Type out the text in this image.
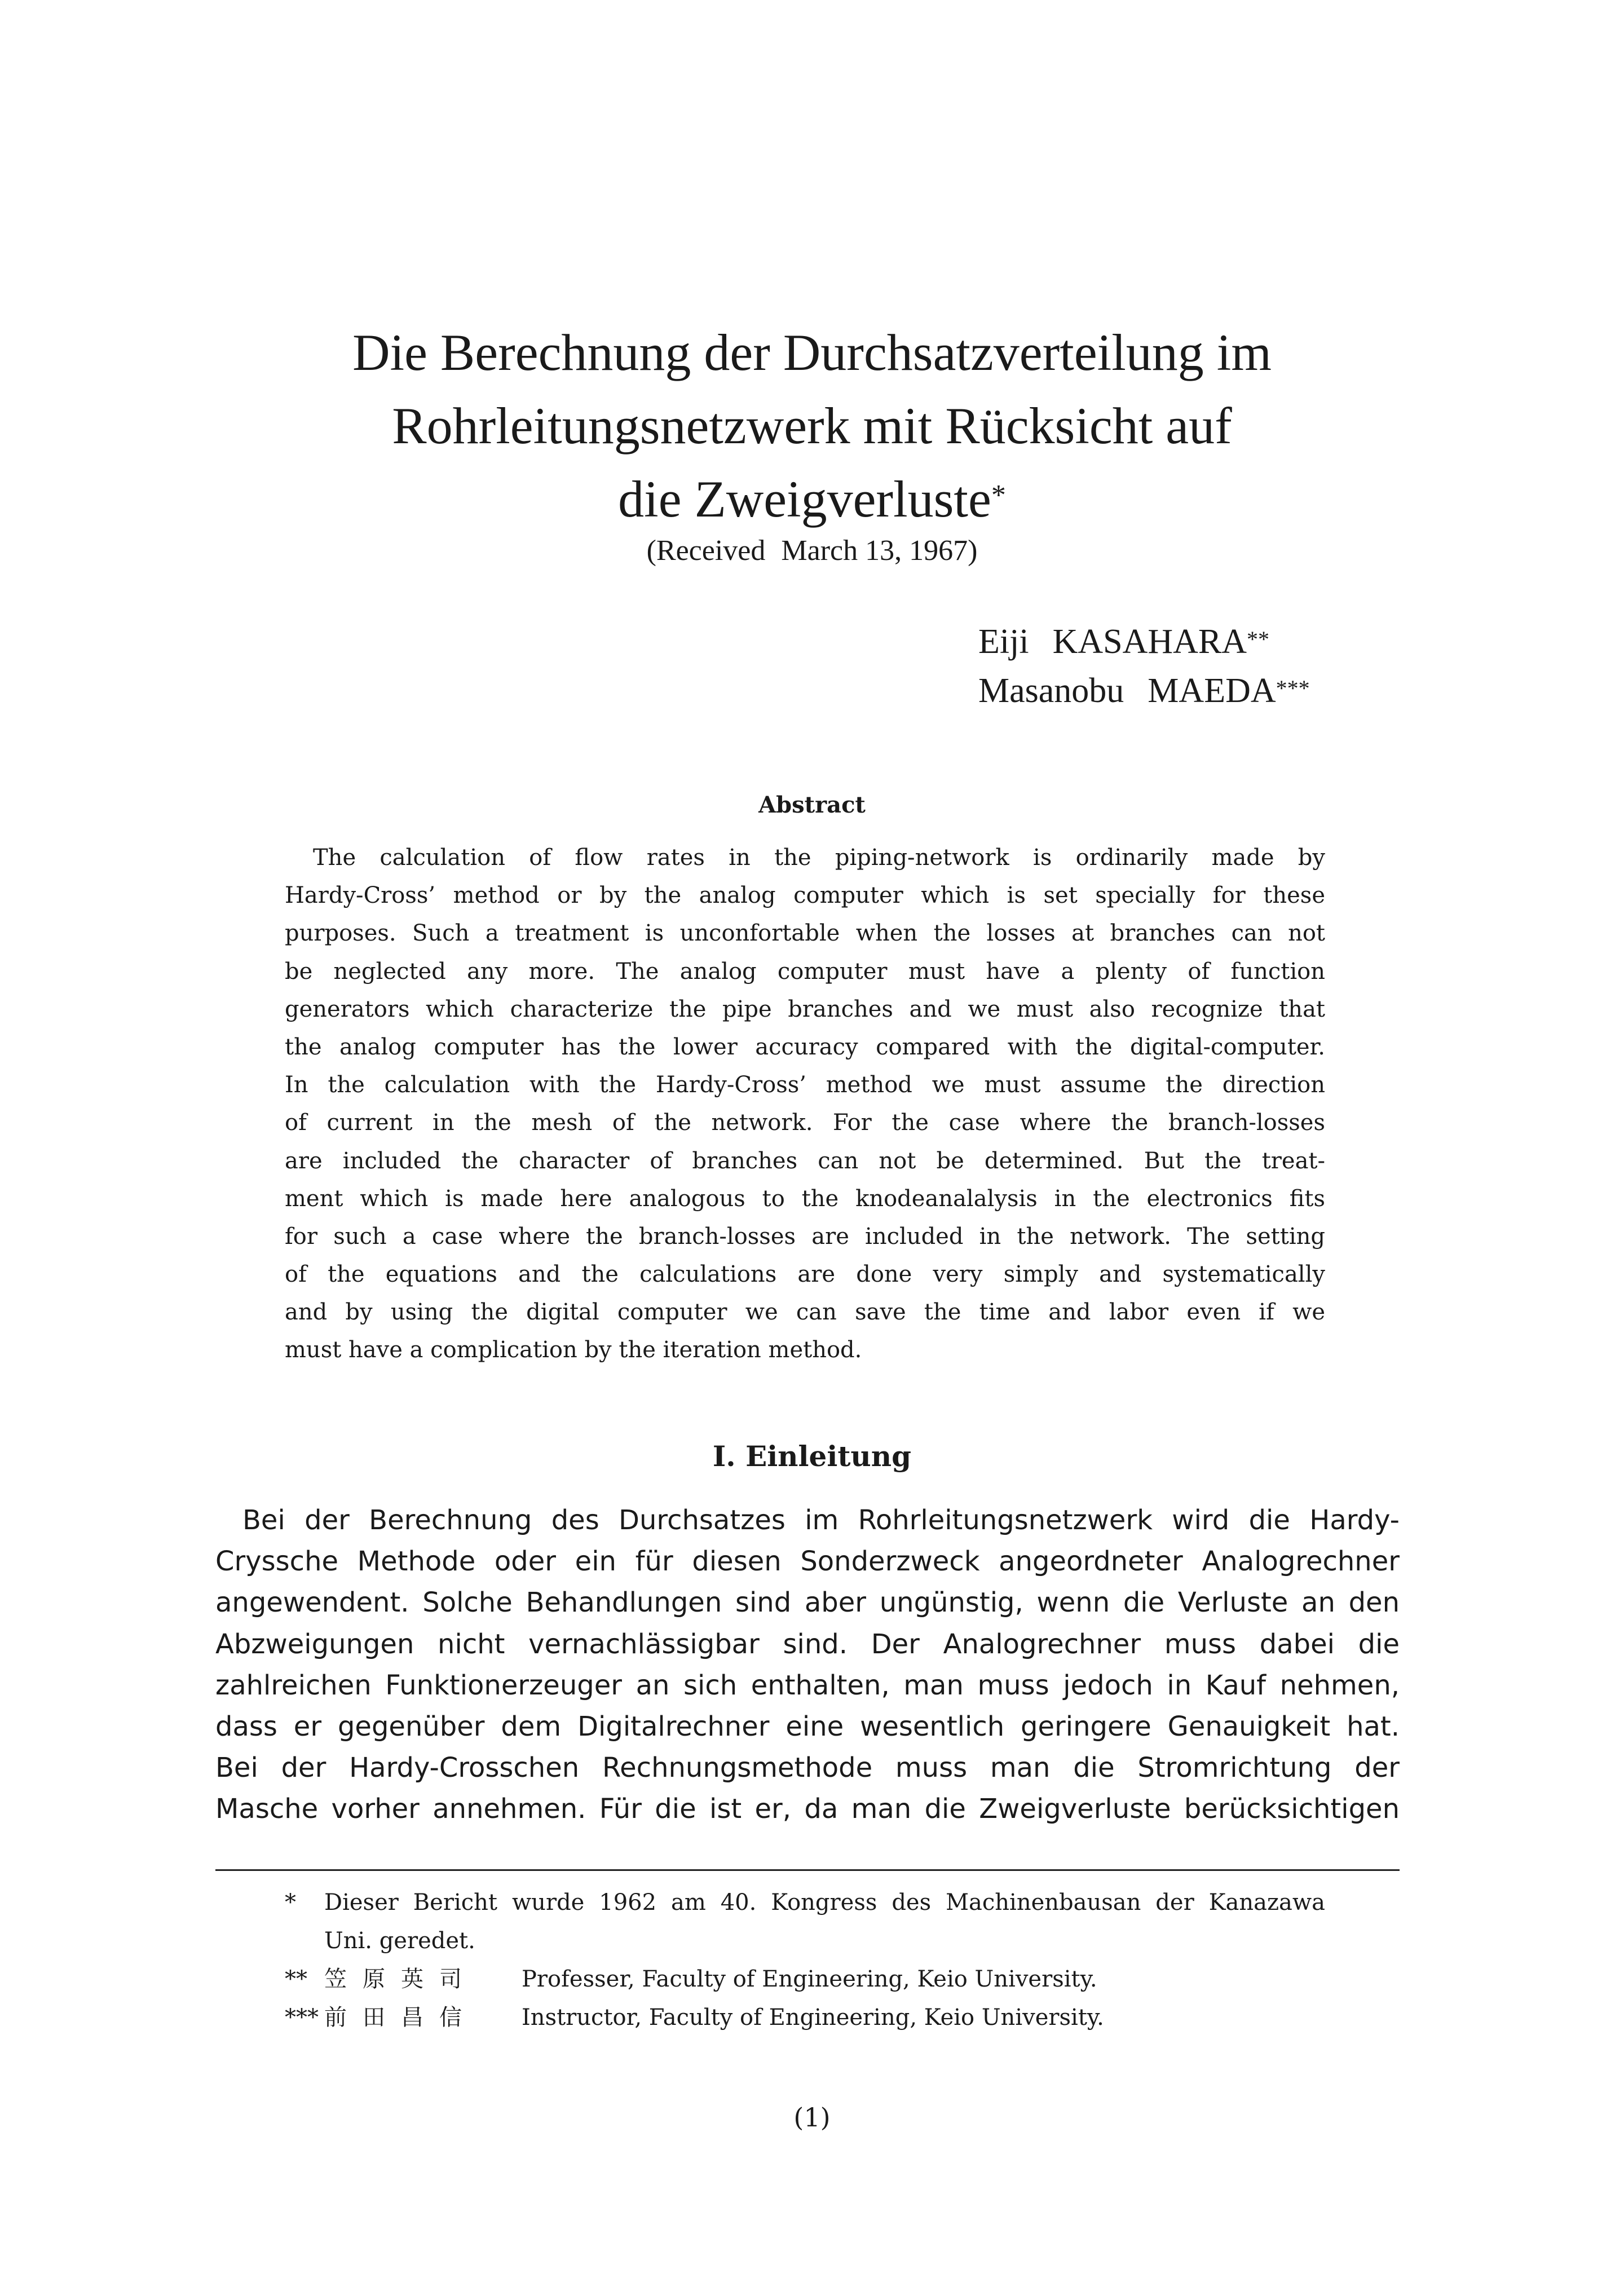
Die Berechnung der Durchsatzverteilung im
Rohrleitungsnetzwerk mit Rücksicht auf
die Zweigverluste*
(Received March 13, 1967)
Eiji KASAHARA**
Masanobu MAEDA***
Abstract
The calculation of flow rates in the piping-network is ordinarily made by
Hardy-Cross’ method or by the analog computer which is set specially for these
purposes. Such a treatment is unconfortable when the losses at branches can not
be neglected any more. The analog computer must have a plenty of function
generators which characterize the pipe branches and we must also recognize that
the analog computer has the lower accuracy compared with the digital-computer.
In the calculation with the Hardy-Cross’ method we must assume the direction
of current in the mesh of the network. For the case where the branch-losses
are included the character of branches can not be determined. But the treat-
ment which is made here analogous to the knodeanalalysis in the electronics fits
for such a case where the branch-losses are included in the network. The setting
of the equations and the calculations are done very simply and systematically
and by using the digital computer we can save the time and labor even if we
must have a complication by the iteration method.
I. Einleitung
Bei der Berechnung des Durchsatzes im Rohrleitungsnetzwerk wird die Hardy-
Cryssche Methode oder ein für diesen Sonderzweck angeordneter Analogrechner
angewendent. Solche Behandlungen sind aber ungünstig, wenn die Verluste an den
Abzweigungen nicht vernachlässigbar sind. Der Analogrechner muss dabei die
zahlreichen Funktionerzeuger an sich enthalten, man muss jedoch in Kauf nehmen,
dass er gegenüber dem Digitalrechner eine wesentlich geringere Genauigkeit hat.
Bei der Hardy-Crosschen Rechnungsmethode muss man die Stromrichtung der
Masche vorher annehmen. Für die ist er, da man die Zweigverluste berücksichtigen
* Dieser Bericht wurde 1962 am 40. Kongress des Machinenbausan der Kanazawa
Uni. geredet.
** 笠原英司 Professer, Faculty of Engineering, Keio University.
*** 前田昌信 Instructor, Faculty of Engineering, Keio University.
(1)
